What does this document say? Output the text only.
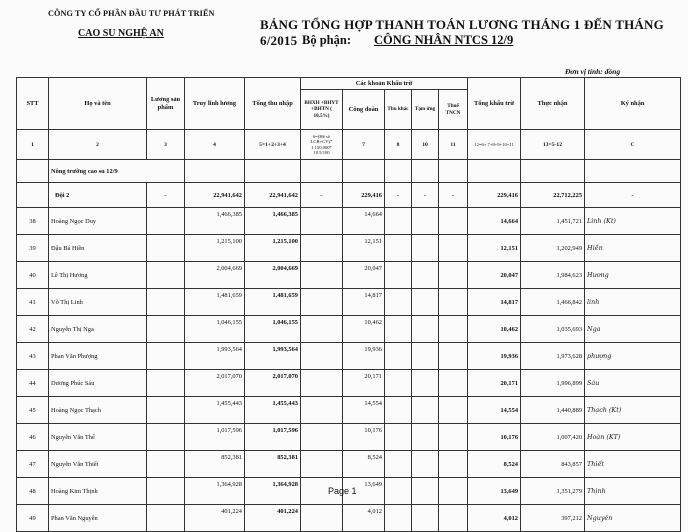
CÔNG TY CỔ PHẦN ĐẦU TƯ PHÁT TRIỂN
CAO SU NGHỆ AN
BẢNG TỔNG HỢP THANH TOÁN LƯƠNG THÁNG 1 ĐẾN THÁNG 6/2015 Bộ phận: CÔNG NHÂN NTCS 12/9
Đơn vị tính: đồng
STT	Họ và tên	Lương sản phẩm	Truy lĩnh lương	Tổng thu nhập	Các khoản Khấu trừ					Tổng khấu trừ	Thực nhận	Ký nhận
					BHXH +BHYT +BHTN ( 10.5%)	Công đoàn	Thu khác	Tạm ứng	Thuế TNCN			
1	2	3	4	5=1+2+3+4	6=(Hệ số LCB+CV)* 1.150.000* 10.5/100	7	8	10	11	12=6+ 7+8+9+10+11	13=5-12	C
	Nông trường cao su 12/9											
	Đội 2	-	22,941,642	22,941,642	-	229,416	-	-	-	229,416	22,712,225	-
38	Hoàng Ngọc Duy		1,466,385	1,466,385		14,664				14,664	1,451,721	Linh (Kt)
39	Đậu Bá Hiền		1,215,100	1,215,100		12,151				12,151	1,202,949	Hiền
40	Lê Thị Hương		2,004,669	2,004,669		20,047				20,047	1,984,623	Hương
41	Võ Thị Linh		1,481,659	1,481,659		14,817				14,817	1,466,842	linh
42	Nguyễn Thị Nga		1,046,155	1,046,155		10,462				10,462	1,035,693	Nga
43	Phan Văn Phượng		1,993,564	1,993,564		19,936				19,936	1,973,628	phượng
44	Dương Phúc Sáu		2,017,070	2,017,070		20,171				20,171	1,996,899	Sáu
45	Hoàng Ngọc Thạch		1,455,443	1,455,443		14,554				14,554	1,440,889	Thạch (Kt)
46	Nguyễn Văn Thế		1,017,596	1,017,596		10,176				10,176	1,007,420	Hoàn (KT)
47	Nguyễn Văn Thiết		852,381	852,381		8,524				8,524	843,857	Thiết
48	Hoàng Kim Thịnh		1,364,928	1,364,928		13,649				13,649	1,351,279	Thịnh
49	Phan Văn Nguyên		401,224	401,224		4,012				4,012	397,212	Nguyên
Page 1
